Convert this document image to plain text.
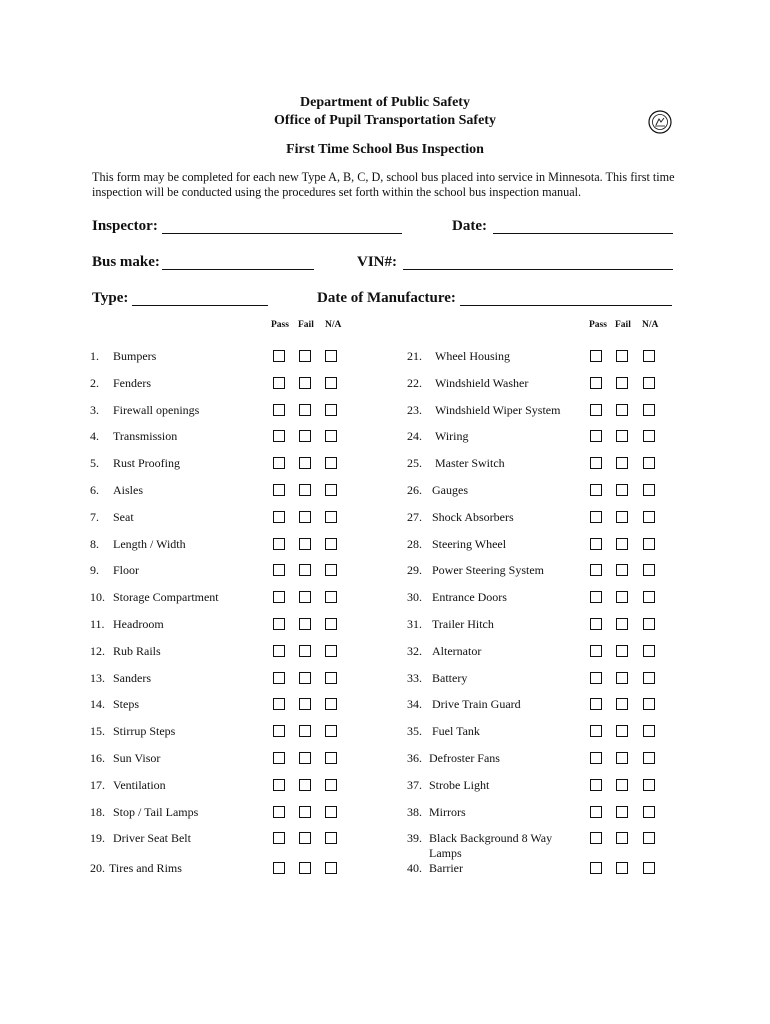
Department of Public Safety
Office of Pupil Transportation Safety
First Time School Bus Inspection
This form may be completed for each new Type A, B, C, D, school bus placed into service in Minnesota. This first time inspection will be conducted using the procedures set forth within the school bus inspection manual.
Inspector:	Date:
Bus make:	VIN#:
Type:	Date of Manufacture:
Pass Fail N/A	Pass Fail N/A
1. Bumpers
2. Fenders
3. Firewall openings
4. Transmission
5. Rust Proofing
6. Aisles
7. Seat
8. Length / Width
9. Floor
10. Storage Compartment
11. Headroom
12. Rub Rails
13. Sanders
14. Steps
15. Stirrup Steps
16. Sun Visor
17. Ventilation
18. Stop / Tail Lamps
19. Driver Seat Belt
20. Tires and Rims
21. Wheel Housing
22. Windshield Washer
23. Windshield Wiper System
24. Wiring
25. Master Switch
26. Gauges
27. Shock Absorbers
28. Steering Wheel
29. Power Steering System
30. Entrance Doors
31. Trailer Hitch
32. Alternator
33. Battery
34. Drive Train Guard
35. Fuel Tank
36. Defroster Fans
37. Strobe Light
38. Mirrors
39. Black Background 8 Way Lamps
40. Barrier
